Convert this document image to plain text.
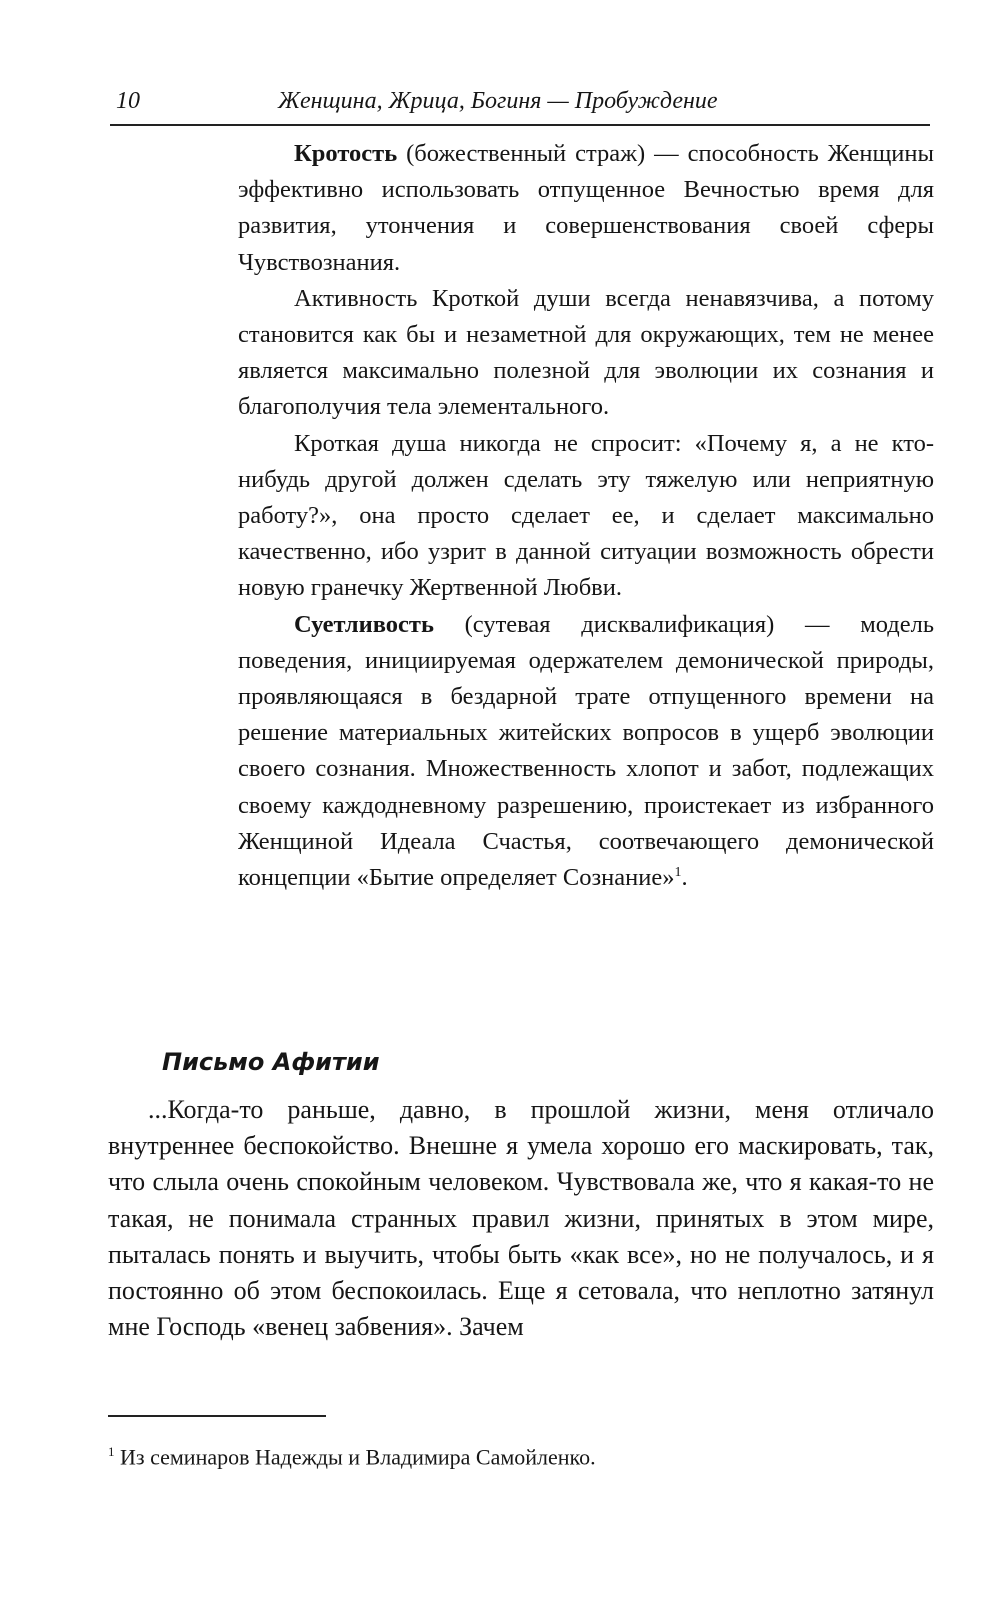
10	Женщина, Жрица, Богиня — Пробуждение

Кротость (божественный страж) — способность Женщины эффективно использовать отпущенное Вечностью время для развития, утончения и совершенствования своей сферы Чувствознания.

Активность Кроткой души всегда ненавязчива, а потому становится как бы и незаметной для окружающих, тем не менее является максимально полезной для эволюции их сознания и благополучия тела элементального.

Кроткая душа никогда не спросит: «Почему я, а не кто-нибудь другой должен сделать эту тяжелую или неприятную работу?», она просто сделает ее, и сделает максимально качественно, ибо узрит в данной ситуации возможность обрести новую гранечку Жертвенной Любви.

Суетливость (сутевая дисквалификация) — модель поведения, инициируемая одержателем демонической природы, проявляющаяся в бездарной трате отпущенного времени на решение материальных житейских вопросов в ущерб эволюции своего сознания. Множественность хлопот и забот, подлежащих своему каждодневному разрешению, проистекает из избранного Женщиной Идеала Счастья, соотвечающего демонической концепции «Бытие определяет Сознание»$^1$.

Письмо Афитии

...Когда-то раньше, давно, в прошлой жизни, меня отличало внутреннее беспокойство. Внешне я умела хорошо его маскировать, так, что слыла очень спокойным человеком. Чувствовала же, что я какая-то не такая, не понимала странных правил жизни, принятых в этом мире, пыталась понять и выучить, чтобы быть «как все», но не получалось, и я постоянно об этом беспокоилась. Еще я сетовала, что неплотно затянул мне Господь «венец забвения». Зачем

$^1$ Из семинаров Надежды и Владимира Самойленко.
